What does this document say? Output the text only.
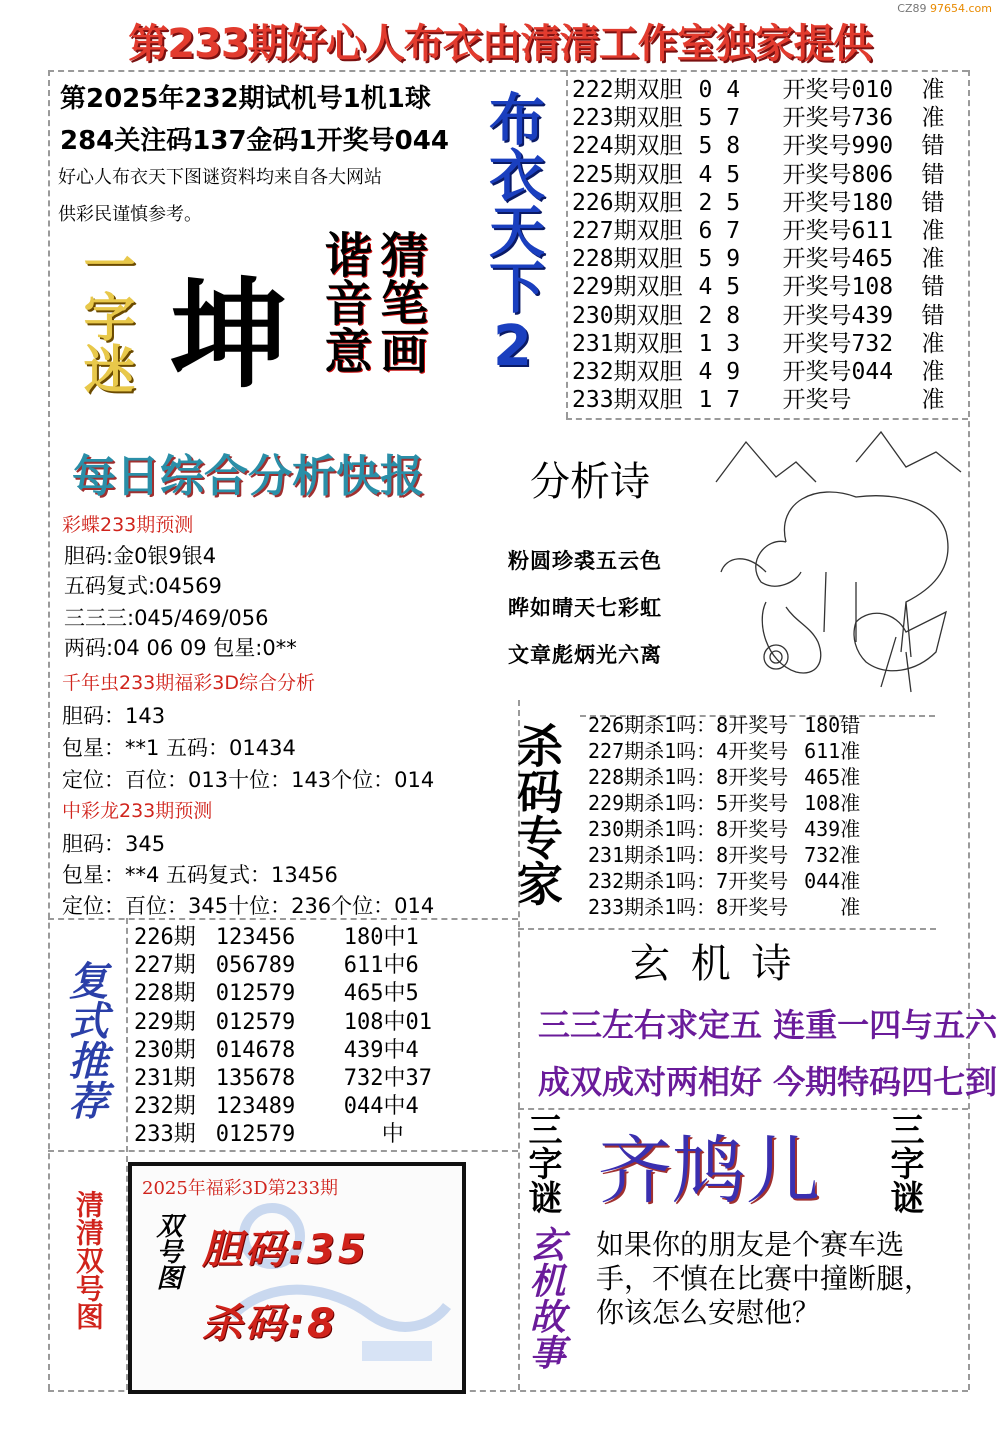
第233期好心人布衣由清清工作室独家提供
CZ89 97654.com
第2025年232期试机号1机1球
284关注码137金码1开奖号044
好心人布衣天下图谜资料均来自各大网站
供彩民谨慎参考。
一字迷 坤 猜笔画
谐音意 布衣天下2 222期双胆 0 4 开奖号010 准
223期双胆 5 7 开奖号736 准
224期双胆 5 8 开奖号990 错
225期双胆 4 5 开奖号806 错
226期双胆 2 5 开奖号180 错
227期双胆 6 7 开奖号611 准
228期双胆 5 9 开奖号465 准
229期双胆 4 5 开奖号108 错
230期双胆 2 8 开奖号439 错
231期双胆 1 3 开奖号732 准
232期双胆 4 9 开奖号044 准
233期双胆 1 7 开奖号	准
每日综合分析快报	分析诗
粉圆珍裘五云色
晔如晴天七彩虹
文章彪炳光六离
彩蝶233期预测
胆码:金0银9银4
五码复式:04569
三三三:045/469/056
两码:04 06 09 包星:0**
千年虫233期福彩3D综合分析
胆码：143
包星：**1 五码：01434
定位：百位：013十位：143个位：014
中彩龙233期预测
胆码：345
包星：**4 五码复式：13456
定位：百位：345十位：236个位：014 杀码专家 226期杀1吗：8开奖号 180错
227期杀1吗：4开奖号 611准
228期杀1吗：8开奖号 465准
229期杀1吗：5开奖号 108准
230期杀1吗：8开奖号 439准
231期杀1吗：8开奖号 732准
232期杀1吗：7开奖号 044准
233期杀1吗：8开奖号	准
复式推荐
226期 123456 180中1
227期 056789 611中6
228期 012579 465中5
229期 012579 108中01
230期 014678 439中4
231期 135678 732中37
232期 123489 044中4
233期 012579	中
玄 机 诗
三三左右求定五 连重一四与五六
成双成对两相好 今期特码四七到
三字谜 齐鸠儿 三字谜
玄机故事 如果你的朋友是个赛车选手，不慎在比赛中撞断腿，你该怎么安慰他？
清清双号图
2025年福彩3D第233期
双号图 胆码:35
杀码:8
